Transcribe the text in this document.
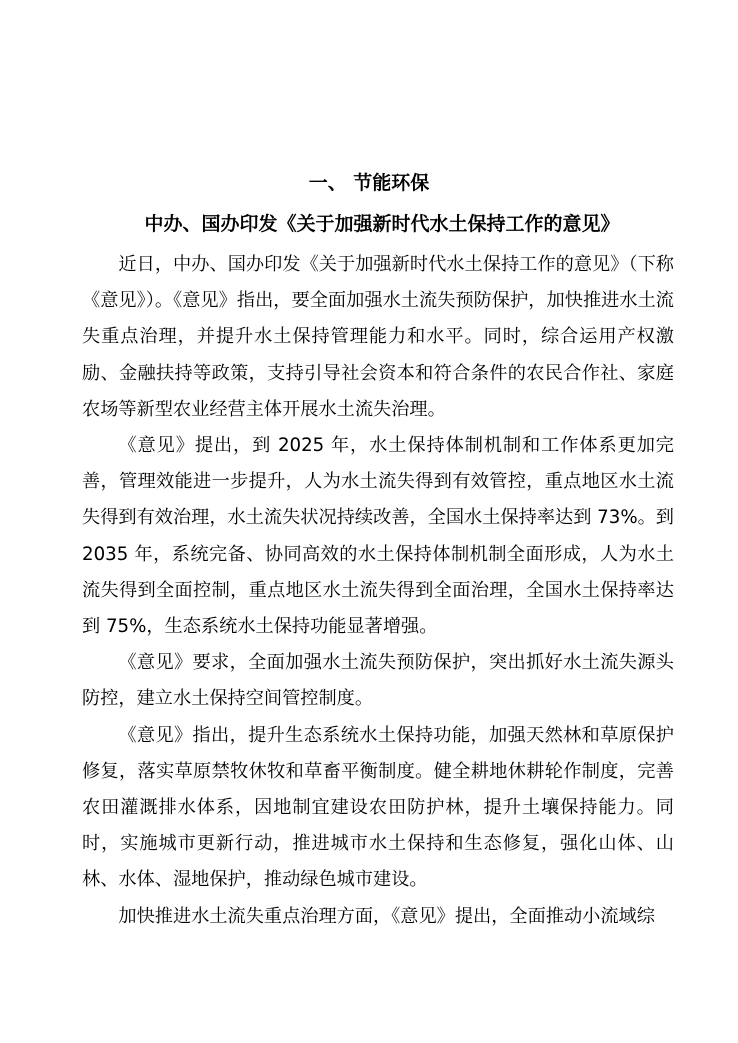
一、 节能环保
中办、国办印发《关于加强新时代水土保持工作的意见》

近日，中办、国办印发《关于加强新时代水土保持工作的意见》（下称《意见》）。《意见》指出，要全面加强水土流失预防保护，加快推进水土流失重点治理，并提升水土保持管理能力和水平。同时，综合运用产权激励、金融扶持等政策，支持引导社会资本和符合条件的农民合作社、家庭农场等新型农业经营主体开展水土流失治理。

《意见》提出，到 2025 年，水土保持体制机制和工作体系更加完善，管理效能进一步提升，人为水土流失得到有效管控，重点地区水土流失得到有效治理，水土流失状况持续改善，全国水土保持率达到 73%。到 2035 年，系统完备、协同高效的水土保持体制机制全面形成，人为水土流失得到全面控制，重点地区水土流失得到全面治理，全国水土保持率达到 75%，生态系统水土保持功能显著增强。

《意见》要求，全面加强水土流失预防保护，突出抓好水土流失源头防控，建立水土保持空间管控制度。

《意见》指出，提升生态系统水土保持功能，加强天然林和草原保护修复，落实草原禁牧休牧和草畜平衡制度。健全耕地休耕轮作制度，完善农田灌溉排水体系，因地制宜建设农田防护林，提升土壤保持能力。同时，实施城市更新行动，推进城市水土保持和生态修复，强化山体、山林、水体、湿地保护，推动绿色城市建设。

加快推进水土流失重点治理方面，《意见》提出，全面推动小流域综
